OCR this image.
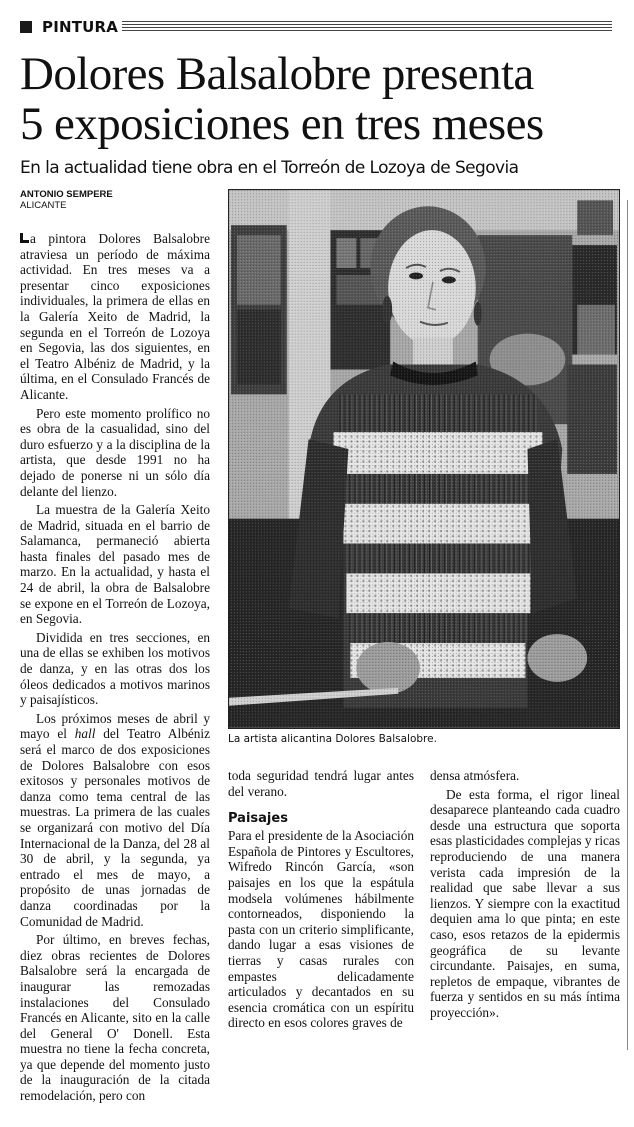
PINTURA
Dolores Balsalobre presenta
5 exposiciones en tres meses
En la actualidad tiene obra en el Torreón de Lozoya de Segovia
ANTONIO SEMPERE
ALICANTE

a pintora Dolores Balsalobre atraviesa un período de máxima actividad. En tres meses va a presentar cinco exposiciones individuales, la primera de ellas en la Galería Xeito de Madrid, la segunda en el Torreón de Lozoya en Segovia, las dos siguientes, en el Teatro Albéniz de Madrid, y la última, en el Consulado Francés de Alicante.

Pero este momento prolífico no es obra de la casualidad, sino del duro esfuerzo y a la disciplina de la artista, que desde 1991 no ha dejado de ponerse ni un sólo día delante del lienzo.

La muestra de la Galería Xeito de Madrid, situada en el barrio de Salamanca, permaneció abierta hasta finales del pasado mes de marzo. En la actualidad, y hasta el 24 de abril, la obra de Balsalobre se expone en el Torreón de Lozoya, en Segovia.

Dividida en tres secciones, en una de ellas se exhiben los motivos de danza, y en las otras dos los óleos dedicados a motivos marinos y paisajísticos.

Los próximos meses de abril y mayo el hall del Teatro Albéniz será el marco de dos exposiciones de Dolores Balsalobre con esos exitosos y personales motivos de danza como tema central de las muestras. La primera de las cuales se organizará con motivo del Día Internacional de la Danza, del 28 al 30 de abril, y la segunda, ya entrado el mes de mayo, a propósito de unas jornadas de danza coordinadas por la Comunidad de Madrid.

Por último, en breves fechas, diez obras recientes de Dolores Balsalobre será la encargada de inaugurar las remozadas instalaciones del Consulado Francés en Alicante, sito en la calle del General O' Donell. Esta muestra no tiene la fecha concreta, ya que depende del momento justo de la inauguración de la citada remodelación, pero con

La artista alicantina Dolores Balsalobre.

toda seguridad tendrá lugar antes del verano.

Paisajes

Para el presidente de la Asociación Española de Pintores y Escultores, Wifredo Rincón García, «son paisajes en los que la espátula modsela volúmenes hábilmente contorneados, disponiendo la pasta con un criterio simplificante, dando lugar a esas visiones de tierras y casas rurales con empastes delicadamente articulados y decantados en su esencia cromática con un espíritu directo en esos colores graves de

densa atmósfera.

De esta forma, el rigor lineal desaparece planteando cada cuadro desde una estructura que soporta esas plasticidades complejas y ricas reproduciendo de una manera verista cada impresión de la realidad que sabe llevar a sus lienzos. Y siempre con la exactitud dequien ama lo que pinta; en este caso, esos retazos de la epidermis geográfica de su levante circundante. Paisajes, en suma, repletos de empaque, vibrantes de fuerza y sentidos en su más íntima proyección».
